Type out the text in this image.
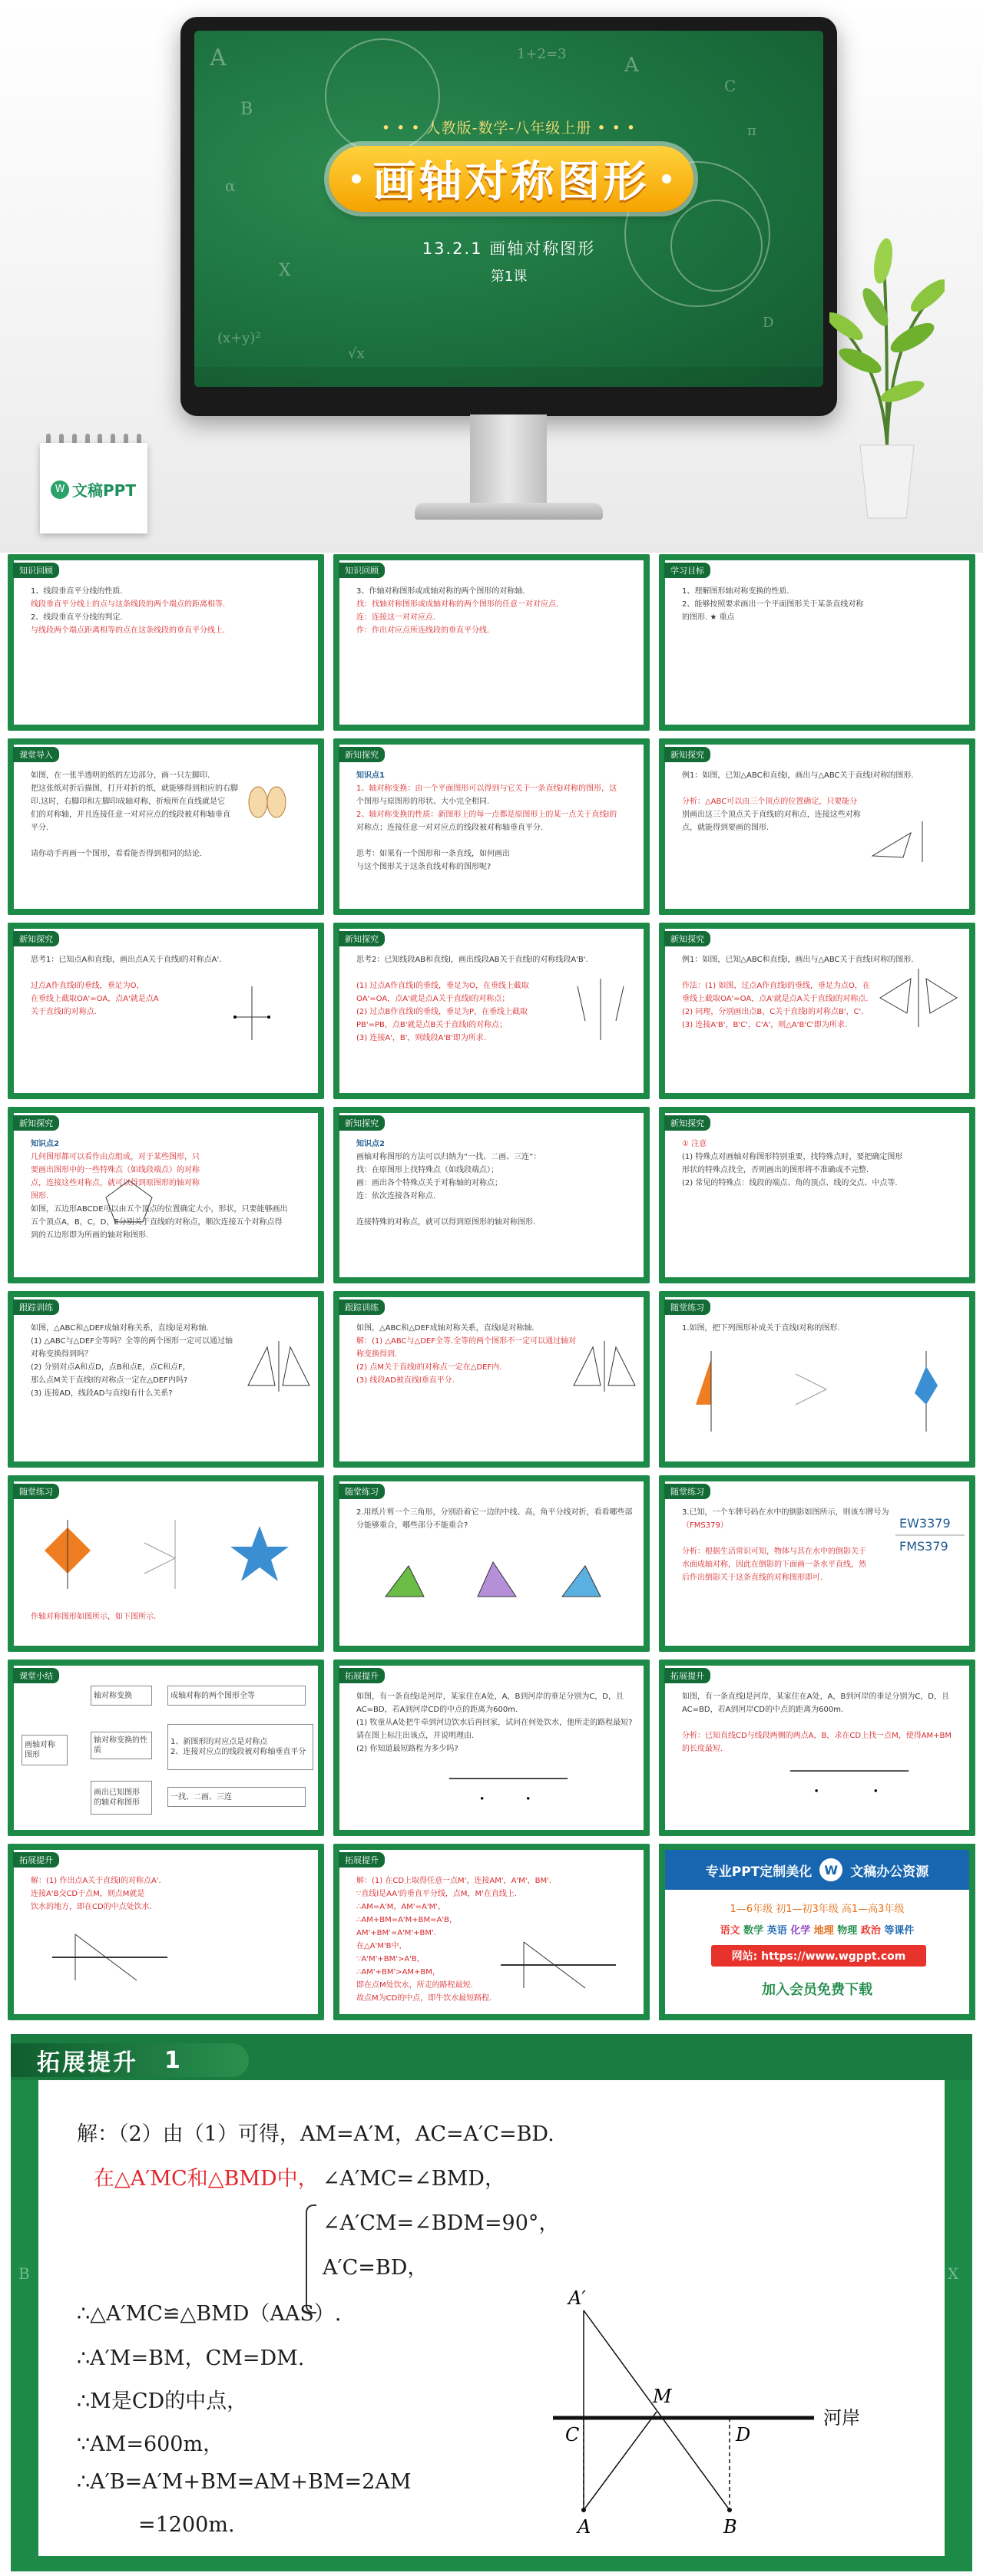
W 文稿PPT
A
B
α
X
(x+y)²
A
C
π
1+2=3
D
√x
• • • 人教版-数学-八年级上册 • • •
画轴对称图形
13.2.1 画轴对称图形
第1课
知识回顾
1、线段垂直平分线的性质.
线段垂直平分线上的点与这条线段的两个端点的距离相等.
2、线段垂直平分线的判定.
与线段两个端点距离相等的点在这条线段的垂直平分线上.
知识回顾
3、作轴对称图形或成轴对称的两个图形的对称轴.
找：找轴对称图形或成轴对称的两个图形的任意一对对应点.
连：连接这一对对应点.
作：作出对应点所连线段的垂直平分线.
学习目标
1、理解图形轴对称变换的性质.
2、能够按照要求画出一个平面图形关于某条直线对称
的图形. ★ 重点
课堂导入
如图，在一张半透明的纸的左边部分，画一只左脚印.
把这张纸对折后描图，打开对折的纸，就能够得到相应的右脚
印.这时，右脚印和左脚印成轴对称，折痕所在直线就是它
们的对称轴，并且连接任意一对对应点的线段被对称轴垂直
平分.

请你动手再画一个图形，看看能否得到相同的结论.
新知探究
知识点1
1、轴对称变换：由一个平面图形可以得到与它关于一条直线l对称的图形，这
个图形与原图形的形状、大小完全相同.
2、轴对称变换的性质：新图形上的每一点都是原图形上的某一点关于直线l的
对称点；连接任意一对对应点的线段被对称轴垂直平分.

思考：如果有一个图形和一条直线，如何画出
与这个图形关于这条直线对称的图形呢?
新知探究
例1：如图，已知△ABC和直线l，画出与△ABC关于直线l对称的图形.

分析：△ABC可以由三个顶点的位置确定，只要能分
别画出这三个顶点关于直线l的对称点，连接这些对称
点，就能得到要画的图形.
新知探究
思考1：已知点A和直线l，画出点A关于直线l的对称点A'.

过点A作直线l的垂线，垂足为O，
在垂线上截取OA'=OA，点A'就是点A
关于直线l的对称点.
新知探究
思考2：已知线段AB和直线l，画出线段AB关于直线l的对称线段A'B'.

(1) 过点A作直线l的垂线，垂足为O，在垂线上截取
OA'=OA，点A'就是点A关于直线l的对称点；
(2) 过点B作直线l的垂线，垂足为P，在垂线上截取
PB'=PB，点B'就是点B关于直线l的对称点；
(3) 连接A'，B'，则线段A'B'即为所求.
新知探究
例1：如图，已知△ABC和直线l，画出与△ABC关于直线l对称的图形.

作法：(1) 如图，过点A作直线l的垂线，垂足为点O，在
垂线上截取OA'=OA，点A'就是点A关于直线l的对称点.
(2) 同理，分别画出点B，C关于直线l的对称点B'，C'.
(3) 连接A'B'，B'C'，C'A'，则△A'B'C'即为所求.
新知探究
知识点2
几何图形都可以看作由点组成，对于某些图形，只
要画出图形中的一些特殊点（如线段端点）的对称
点，连接这些对称点，就可以得到原图形的轴对称
图形.
如图，五边形ABCDE可以由五个顶点的位置确定大小，形状，只要能够画出
五个顶点A，B，C，D，E分别关于直线l的对称点，顺次连接五个对称点得
到的五边形即为所画的轴对称图形.
新知探究
知识点2
画轴对称图形的方法可以归纳为“一找、二画、三连”：
找：在原图形上找特殊点（如线段端点）；
画：画出各个特殊点关于对称轴的对称点；
连：依次连接各对称点.

连接特殊的对称点，就可以得到原图形的轴对称图形.
新知探究
① 注意
(1) 特殊点对画轴对称图形特别重要，找特殊点时，要把确定图形
形状的特殊点找全，否则画出的图形将不准确或不完整.
(2) 常见的特殊点：线段的端点、角的顶点、线的交点、中点等.
跟踪训练
如图，△ABC和△DEF成轴对称关系，直线l是对称轴.
(1) △ABC与△DEF全等吗？全等的两个图形一定可以通过轴
对称变换得到吗？
(2) 分别对点A和点D，点B和点E，点C和点F，
那么点M关于直线l的对称点一定在△DEF内吗?
(3) 连接AD，线段AD与直线l有什么关系?
跟踪训练
如图，△ABC和△DEF成轴对称关系，直线l是对称轴.
解：(1) △ABC与△DEF全等.全等的两个图形不一定可以通过轴对
称变换得到.
(2) 点M关于直线l的对称点一定在△DEF内.
(3) 线段AD被直线l垂直平分.
随堂练习
1.如图，把下列图形补成关于直线l对称的图形.
随堂练习

作轴对称图形如图所示，如下图所示.
随堂练习
2.用纸片剪一个三角形，分别沿着它一边的中线、高，角平分线对折，看看哪些部
分能够重合，哪些部分不能重合?
随堂练习
3.已知，一个车牌号码在水中的倒影如图所示，则该车牌号为
（FMS379）

分析：根据生活常识可知，物体与其在水中的倒影关于
水面成轴对称，因此在倒影的下面画一条水平直线，然
后作出倒影关于这条直线的对称图形即可.
EW3379
FMS379
课堂小结
画轴对称
图形
轴对称变换
轴对称变换的性质
画出已知图形
的轴对称图形
成轴对称的两个图形全等
1、新图形的对应点是对称点
2、连接对应点的线段被对称轴垂直平分
一找、二画、三连
拓展提升
如图，有一条直线l是河岸，某家住在A处，A，B到河岸的垂足分别为C，D，且
AC=BD，若A到河岸CD的中点的距离为600m.
(1) 牧童从A处把牛牵到河边饮水后再回家，试问在何处饮水，他所走的路程最短?
请在图上标注出该点，并说明理由.
(2) 你知道最短路程为多少吗?
拓展提升
如图，有一条直线l是河岸，某家住在A处，A，B到河岸的垂足分别为C，D，且
AC=BD，若A到河岸CD的中点的距离为600m.

分析：已知直线CD与线段两侧的两点A，B，求在CD上找一点M，使得AM+BM
的长度最短.
拓展提升
解：(1) 作出点A关于直线l的对称点A'.
连接A'B交CD于点M，则点M就是
饮水的地方，即在CD的中点处饮水.
拓展提升
解：(1) 在CD上取得任意一点M'，连接AM'，A'M'，BM'.
∵直线l是AA'的垂直平分线，点M，M'在直线上.
∴AM=A'M，AM'=A'M'，
∴AM+BM=A'M+BM=A'B，
AM'+BM'=A'M'+BM'.
在△A'M'B中，
∵A'M'+BM'>A'B，
∴AM'+BM'>AM+BM，
即在点M处饮水，所走的路程最短.
故点M为CD的中点，即牛饮水最短路程.
专业PPT定制美化	W 文稿办公资源
1—6年级 初1—初3年级 高1—高3年级
语文 数学 英语 化学 地理 物理 政治 等课件
网站: https://www.wgppt.com
加入会员免费下载
X
B
拓展提升 1
解：（2）由（1）可得，AM=A′M，AC=A′C=BD.
在△A′MC和△BMD中， ∠A′MC=∠BMD，
∠A′CM=∠BDM=90°，
A′C=BD，
∴△A′MC≌△BMD（AAS）.
∴A′M=BM，CM=DM.
∴M是CD的中点，
∵AM=600m，
∴A′B=A′M+BM=AM+BM=2AM
=1200m.
A′
M
C	D
A	B
河岸
